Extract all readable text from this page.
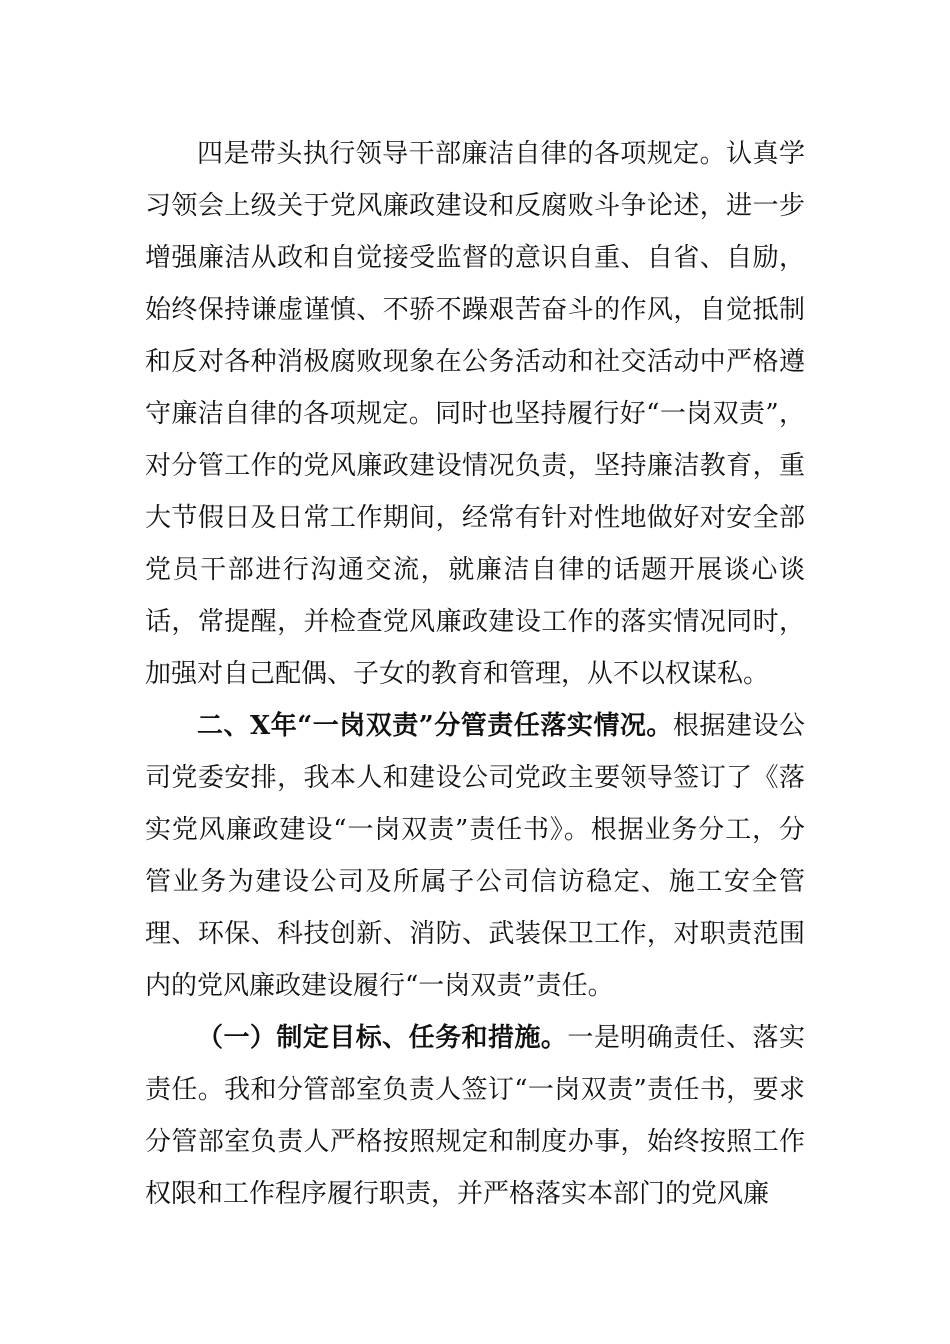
四是带头执行领导干部廉洁自律的各项规定。认真学习领会上级关于党风廉政建设和反腐败斗争论述，进一步增强廉洁从政和自觉接受监督的意识自重、自省、自励，始终保持谦虚谨慎、不骄不躁艰苦奋斗的作风，自觉抵制和反对各种消极腐败现象在公务活动和社交活动中严格遵守廉洁自律的各项规定。同时也坚持履行好“一岗双责”，对分管工作的党风廉政建设情况负责，坚持廉洁教育，重大节假日及日常工作期间，经常有针对性地做好对安全部党员干部进行沟通交流，就廉洁自律的话题开展谈心谈话，常提醒，并检查党风廉政建设工作的落实情况同时，加强对自己配偶、子女的教育和管理，从不以权谋私。

二、X年“一岗双责”分管责任落实情况。根据建设公司党委安排，我本人和建设公司党政主要领导签订了《落实党风廉政建设“一岗双责”责任书》。根据业务分工，分管业务为建设公司及所属子公司信访稳定、施工安全管理、环保、科技创新、消防、武装保卫工作，对职责范围内的党风廉政建设履行“一岗双责”责任。

（一）制定目标、任务和措施。一是明确责任、落实责任。我和分管部室负责人签订“一岗双责”责任书，要求分管部室负责人严格按照规定和制度办事，始终按照工作权限和工作程序履行职责，并严格落实本部门的党风廉
